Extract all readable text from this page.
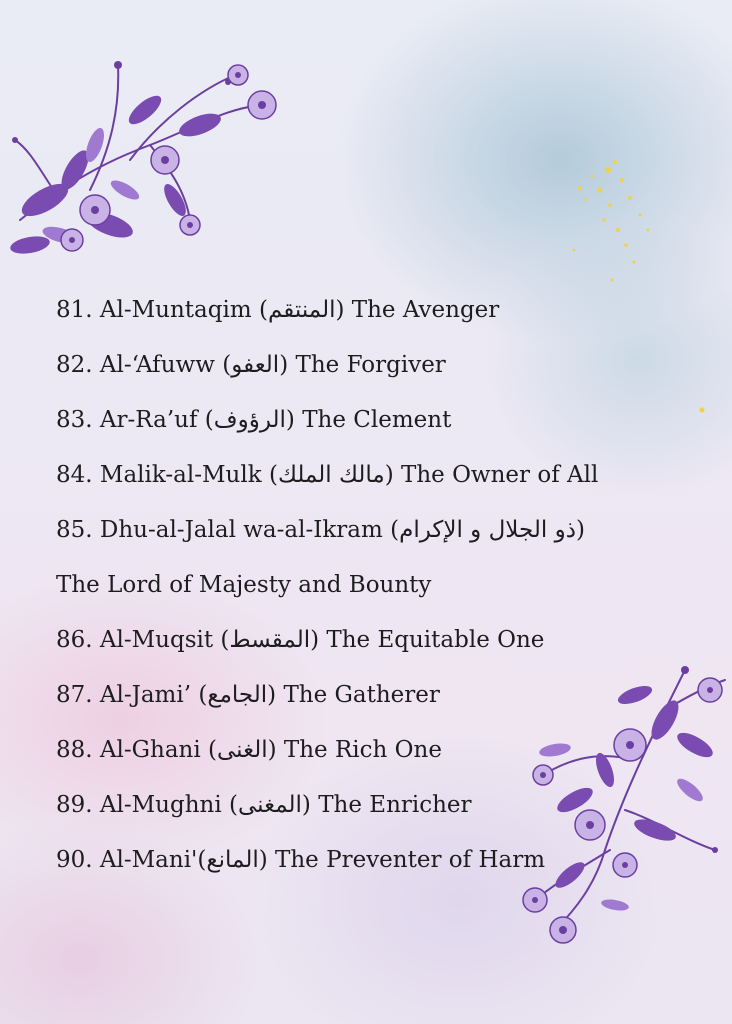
81. Al-Muntaqim (المنتقم) The Avenger
82. Al-‘Afuww (العفو) The Forgiver
83. Ar-Ra’uf (الرؤوف) The Clement
84. Malik-al-Mulk (مالك الملك) The Owner of All
85. Dhu-al-Jalal wa-al-Ikram (ذو الجلال و الإكرام)
The Lord of Majesty and Bounty
86. Al-Muqsit (المقسط) The Equitable One
87. Al-Jami’ (الجامع) The Gatherer
88. Al-Ghani (الغنى) The Rich One
89. Al-Mughni (المغنى) The Enricher
90. Al-Mani'(المانع) The Preventer of Harm
